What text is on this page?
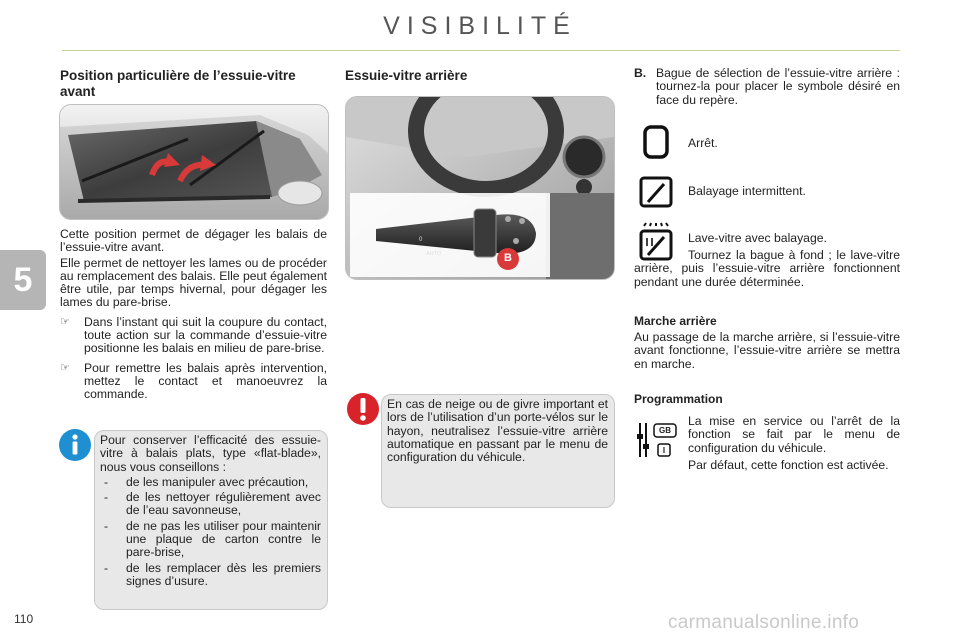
VISIBILITÉ
5
Position particulière de l’essuie-vitre avant

Cette position permet de dégager les balais de l’essuie-vitre avant.

Elle permet de nettoyer les lames ou de procéder au remplacement des balais. Elle peut également être utile, par temps hivernal, pour dégager les lames du pare-brise.

☞ Dans l’instant qui suit la coupure du contact, toute action sur la commande d’essuie-vitre positionne les balais en milieu de pare-brise.
☞ Pour remettre les balais après intervention, mettez le contact et manoeuvrez la commande.

Pour conserver l’efficacité des essuie-vitre à balais plats, type «flat-blade», nous vous conseillons :

- de les manipuler avec précaution,
- de les nettoyer régulièrement avec de l’eau savonneuse,
- de ne pas les utiliser pour maintenir une plaque de carton contre le pare-brise,
- de les remplacer dès les premiers signes d’usure.
Essuie-vitre arrière
0
AUTO	B
En cas de neige ou de givre important et lors de l’utilisation d’un porte-vélos sur le hayon, neutralisez l’essuie-vitre arrière automatique en passant par le menu de configuration du véhicule.
B. Bague de sélection de l’essuie-vitre arrière : tournez-la pour placer le symbole désiré en face du repère.
Arrêt.
Balayage intermittent.
Lave-vitre avec balayage.
Tournez la bague à fond ; le lave-vitre arrière, puis l’essuie-vitre arrière fonctionnent pendant une durée déterminée.
Marche arrière
Au passage de la marche arrière, si l’essuie-vitre avant fonctionne, l’essuie-vitre arrière se mettra en marche.
Programmation
GB
I

La mise en service ou l’arrêt de la fonction se fait par le menu de configuration du véhicule.

Par défaut, cette fonction est activée.

110	carmanualsonline.info
